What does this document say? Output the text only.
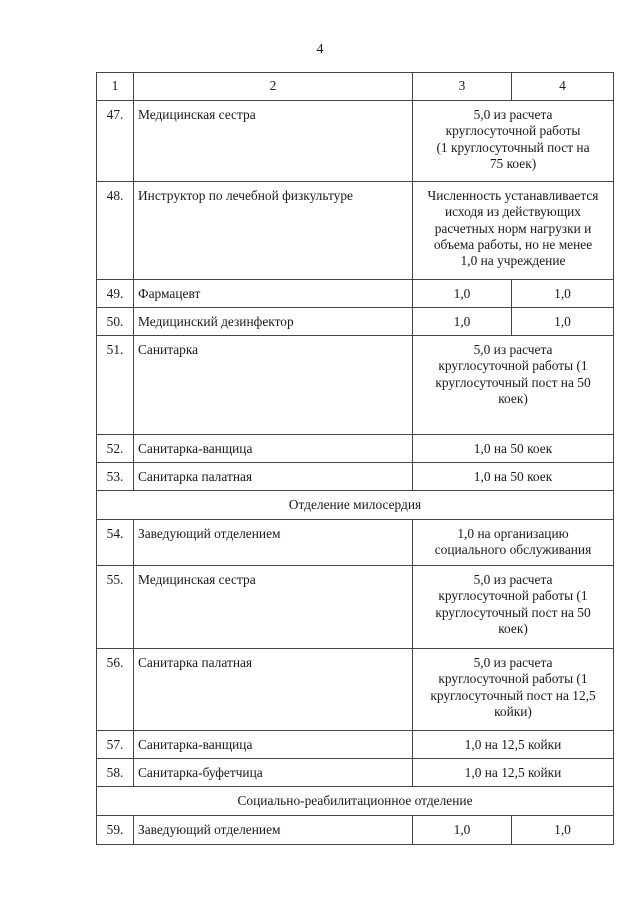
4
1	2	3	4
47.	Медицинская сестра	5,0 из расчета
круглосуточной работы
(1 круглосуточный пост на
75 коек)	
48.	Инструктор по лечебной физкультуре	Численность устанавливается
исходя из действующих
расчетных норм нагрузки и
объема работы, но не менее
1,0 на учреждение	
49.	Фармацевт	1,0	1,0
50.	Медицинский дезинфектор	1,0	1,0
51.	Санитарка	5,0 из расчета
круглосуточной работы (1
круглосуточный пост на 50
коек)	
52.	Санитарка-ванщица	1,0 на 50 коек	
53.	Санитарка палатная	1,0 на 50 коек	
Отделение милосердия			
54.	Заведующий отделением	1,0 на организацию
социального обслуживания	
55.	Медицинская сестра	5,0 из расчета
круглосуточной работы (1
круглосуточный пост на 50
коек)	
56.	Санитарка палатная	5,0 из расчета
круглосуточной работы (1
круглосуточный пост на 12,5
койки)	
57.	Санитарка-ванщица	1,0 на 12,5 койки	
58.	Санитарка-буфетчица	1,0 на 12,5 койки	
Социально-реабилитационное отделение			
59.	Заведующий отделением	1,0	1,0
